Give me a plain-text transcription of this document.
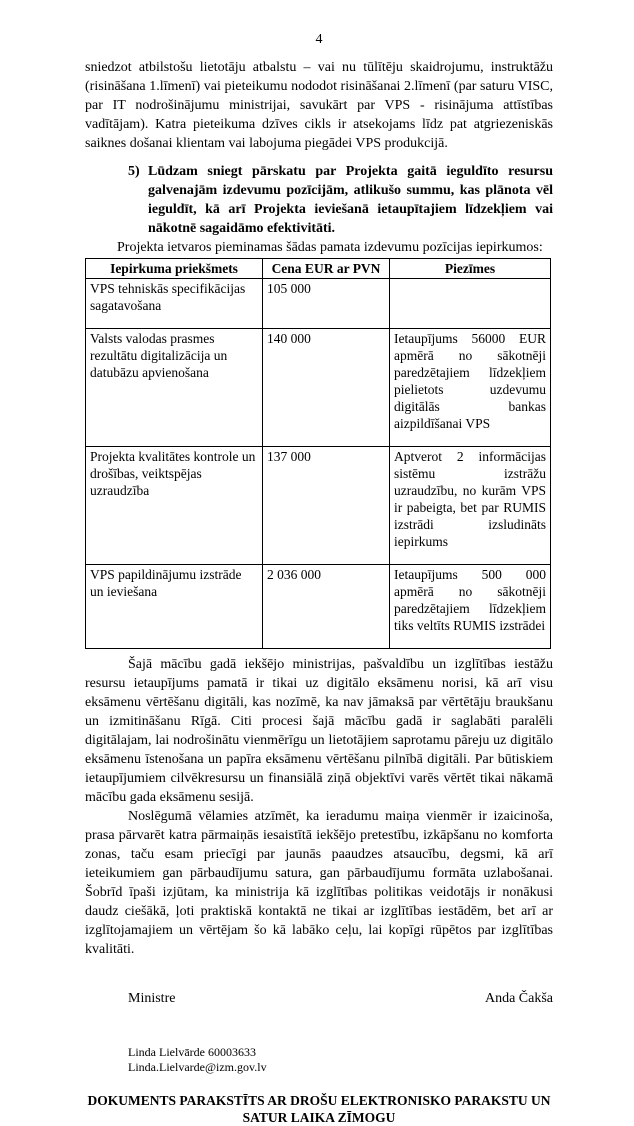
4

sniedzot atbilstošu lietotāju atbalstu – vai nu tūlītēju skaidrojumu, instruktāžu (risināšana 1.līmenī) vai pieteikumu nododot risināšanai 2.līmenī (par saturu VISC, par IT nodrošinājumu ministrijai, savukārt par VPS - risinājuma attīstības vadītājam). Katra pieteikuma dzīves cikls ir atsekojams līdz pat atgriezeniskās saiknes došanai klientam vai labojuma piegādei VPS produkcijā.

5) Lūdzam sniegt pārskatu par Projekta gaitā ieguldīto resursu galvenajām izdevumu pozīcijām, atlikušo summu, kas plānota vēl ieguldīt, kā arī Projekta ieviešanā ietaupītajiem līdzekļiem vai nākotnē sagaidāmo efektivitāti.

Projekta ietvaros pieminamas šādas pamata izdevumu pozīcijas iepirkumos:

Iepirkuma priekšmets	Cena EUR ar PVN	Piezīmes
VPS tehniskās specifikācijas sagatavošana	105 000	
Valsts valodas prasmes rezultātu digitalizācija un datubāzu apvienošana	140 000	Ietaupījums 56000 EUR apmērā no sākotnēji paredzētajiem līdzekļiem pielietots uzdevumu digitālās bankas aizpildīšanai VPS
Projekta kvalitātes kontrole un drošības, veiktspējas uzraudzība	137 000	Aptverot 2 informācijas sistēmu izstrāžu uzraudzību, no kurām VPS ir pabeigta, bet par RUMIS izstrādi izsludināts iepirkums
VPS papildinājumu izstrāde un ieviešana	2 036 000	Ietaupījums 500 000 apmērā no sākotnēji paredzētajiem līdzekļiem tiks veltīts RUMIS izstrādei

Šajā mācību gadā iekšējo ministrijas, pašvaldību un izglītības iestāžu resursu ietaupījums pamatā ir tikai uz digitālo eksāmenu norisi, kā arī visu eksāmenu vērtēšanu digitāli, kas nozīmē, ka nav jāmaksā par vērtētāju braukšanu un izmitināšanu Rīgā. Citi procesi šajā mācību gadā ir saglabāti paralēli digitālajam, lai nodrošinātu vienmērīgu un lietotājiem saprotamu pāreju uz digitālo eksāmenu īstenošana un papīra eksāmenu vērtēšanu pilnībā digitāli. Par būtiskiem ietaupījumiem cilvēkresursu un finansiālā ziņā objektīvi varēs vērtēt tikai nākamā mācību gada eksāmenu sesijā.

Noslēgumā vēlamies atzīmēt, ka ieradumu maiņa vienmēr ir izaicinoša, prasa pārvarēt katra pārmaiņās iesaistītā iekšējo pretestību, izkāpšanu no komforta zonas, taču esam priecīgi par jaunās paaudzes atsaucību, degsmi, kā arī ieteikumiem gan pārbaudījumu satura, gan pārbaudījumu formāta uzlabošanai. Šobrīd īpaši izjūtam, ka ministrija kā izglītības politikas veidotājs ir nonākusi daudz ciešākā, ļoti praktiskā kontaktā ne tikai ar izglītības iestādēm, bet arī ar izglītojamajiem un vērtējam šo kā labāko ceļu, lai kopīgi rūpētos par izglītības kvalitāti.

Ministre	Anda Čakša
Linda Lielvārde 60003633
Linda.Lielvarde@izm.gov.lv
DOKUMENTS PARAKSTĪTS AR DROŠU ELEKTRONISKO PARAKSTU UN
SATUR LAIKA ZĪMOGU
